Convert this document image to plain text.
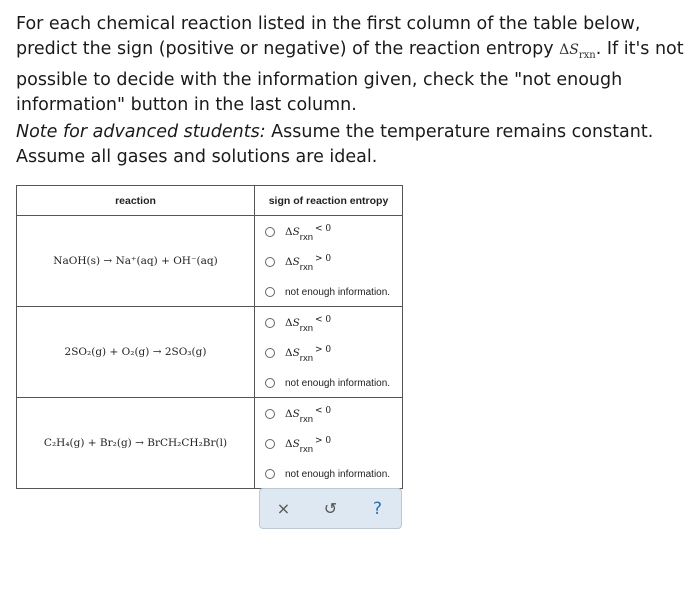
For each chemical reaction listed in the first column of the table below, predict the sign (positive or negative) of the reaction entropy $\Delta S_{rxn}$. If it's not possible to decide with the information given, check the "not enough information" button in the last column.

Note for advanced students: Assume the temperature remains constant. Assume all gases and solutions are ideal.

reaction	sign of reaction entropy
NaOH(s) → Na⁺(aq) + OH⁻(aq)	ΔSrxn< 0
ΔSrxn> 0
not enough information.

2SO₂(g) + O₂(g) → 2SO₃(g)	ΔSrxn< 0
ΔSrxn> 0
not enough information.

C₂H₄(g) + Br₂(g) → BrCH₂CH₂Br(l)	ΔSrxn< 0
ΔSrxn> 0
not enough information.
× ↺ ?
